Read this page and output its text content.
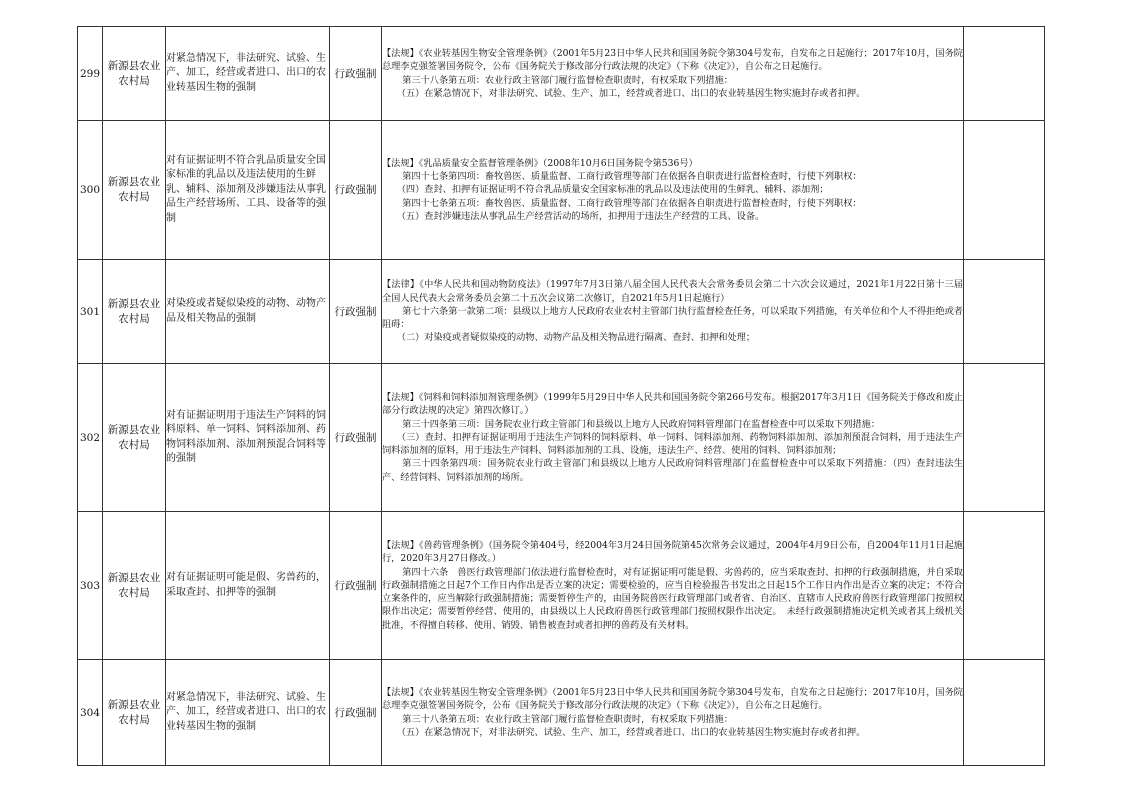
299	新源县农业农村局	对紧急情况下，非法研究、试验、生产、加工，经营或者进口、出口的农业转基因生物的强制	行政强制	【法规】《农业转基因生物安全管理条例》（2001年5月23日中华人民共和国国务院令第304号发布，自发布之日起施行；2017年10月，国务院总理李克强签署国务院令，公布《国务院关于修改部分行政法规的决定》（下称《决定》），自公布之日起施行。

第三十八条第五项：农业行政主管部门履行监督检查职责时，有权采取下列措施：

（五）在紧急情况下，对非法研究、试验、生产、加工，经营或者进口、出口的农业转基因生物实施封存或者扣押。	

300	新源县农业农村局	对有证据证明不符合乳品质量安全国家标准的乳品以及违法使用的生鲜乳、辅料、添加剂及涉嫌违法从事乳品生产经营场所、工具、设备等的强制	行政强制	【法规】《乳品质量安全监督管理条例》（2008年10月6日国务院令第536号）

第四十七条第四项：畜牧兽医、质量监督、工商行政管理等部门在依据各自职责进行监督检查时，行使下列职权：

（四）查封、扣押有证据证明不符合乳品质量安全国家标准的乳品以及违法使用的生鲜乳、辅料、添加剂；

第四十七条第五项：畜牧兽医、质量监督、工商行政管理等部门在依据各自职责进行监督检查时，行使下列职权：

（五）查封涉嫌违法从事乳品生产经营活动的场所，扣押用于违法生产经营的工具、设备。	

301	新源县农业农村局	对染疫或者疑似染疫的动物、动物产品及相关物品的强制	行政强制	【法律】《中华人民共和国动物防疫法》（1997年7月3日第八届全国人民代表大会常务委员会第二十六次会议通过，2021年1月22日第十三届全国人民代表大会常务委员会第二十五次会议第二次修订，自2021年5月1日起施行）

第七十六条第一款第二项：县级以上地方人民政府农业农村主管部门执行监督检查任务，可以采取下列措施，有关单位和个人不得拒绝或者阻碍：

（二）对染疫或者疑似染疫的动物、动物产品及相关物品进行隔离、查封、扣押和处理；	

302	新源县农业农村局	对有证据证明用于违法生产饲料的饲料原料、单一饲料、饲料添加剂、药物饲料添加剂、添加剂预混合饲料等的强制	行政强制	【法规】《饲料和饲料添加剂管理条例》（1999年5月29日中华人民共和国国务院令第266号发布。根据2017年3月1日《国务院关于修改和废止部分行政法规的决定》第四次修订。）

第三十四条第三项：国务院农业行政主管部门和县级以上地方人民政府饲料管理部门在监督检查中可以采取下列措施：

（三）查封、扣押有证据证明用于违法生产饲料的饲料原料、单一饲料、饲料添加剂、药物饲料添加剂、添加剂预混合饲料，用于违法生产饲料添加剂的原料，用于违法生产饲料、饲料添加剂的工具、设施，违法生产、经营、使用的饲料、饲料添加剂；

第三十四条第四项：国务院农业行政主管部门和县级以上地方人民政府饲料管理部门在监督检查中可以采取下列措施：（四）查封违法生产、经营饲料、饲料添加剂的场所。	

303	新源县农业农村局	对有证据证明可能是假、劣兽药的，采取查封、扣押等的强制	行政强制	【法规】《兽药管理条例》（国务院令第404号，经2004年3月24日国务院第45次常务会议通过，2004年4月9日公布，自2004年11月1日起施行，2020年3月27日修改。）

第四十六条　兽医行政管理部门依法进行监督检查时，对有证据证明可能是假、劣兽药的，应当采取查封、扣押的行政强制措施，并自采取行政强制措施之日起7个工作日内作出是否立案的决定；需要检验的，应当自检验报告书发出之日起15个工作日内作出是否立案的决定；不符合立案条件的，应当解除行政强制措施；需要暂停生产的，由国务院兽医行政管理部门或者省、自治区、直辖市人民政府兽医行政管理部门按照权限作出决定；需要暂停经营、使用的，由县级以上人民政府兽医行政管理部门按照权限作出决定。　未经行政强制措施决定机关或者其上级机关批准，不得擅自转移、使用、销毁、销售被查封或者扣押的兽药及有关材料。	

304	新源县农业农村局	对紧急情况下，非法研究、试验、生产、加工，经营或者进口、出口的农业转基因生物的强制	行政强制	【法规】《农业转基因生物安全管理条例》（2001年5月23日中华人民共和国国务院令第304号发布，自发布之日起施行；2017年10月，国务院总理李克强签署国务院令，公布《国务院关于修改部分行政法规的决定》（下称《决定》），自公布之日起施行。

第三十八条第五项：农业行政主管部门履行监督检查职责时，有权采取下列措施：

（五）在紧急情况下，对非法研究、试验、生产、加工，经营或者进口、出口的农业转基因生物实施封存或者扣押。	
